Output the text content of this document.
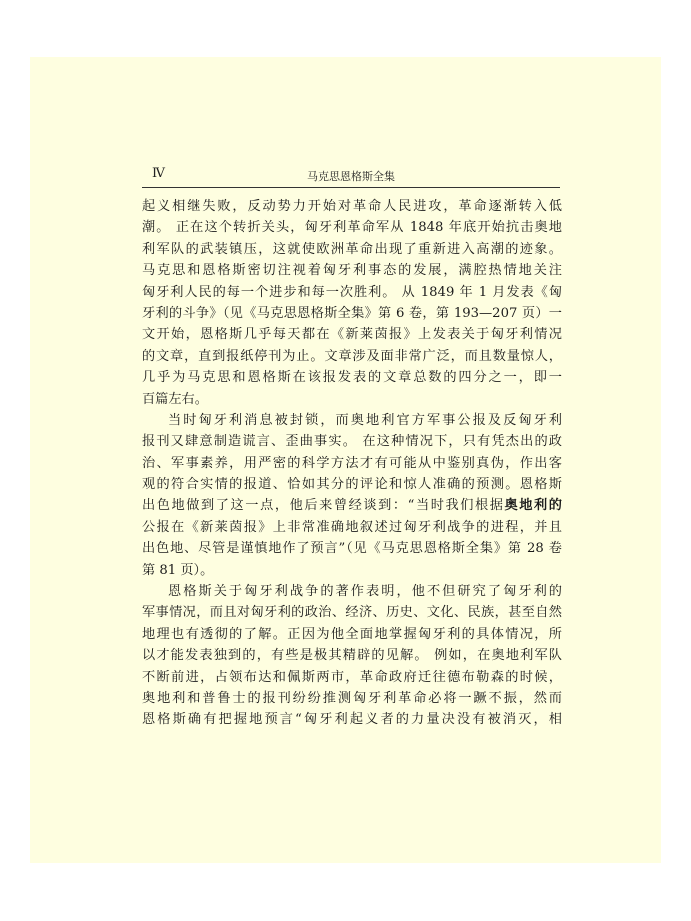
Ⅳ	马克思恩格斯全集
起义相继失败，反动势力开始对革命人民进攻，革命逐渐转入低
潮。 正在这个转折关头，匈牙利革命军从 1848 年底开始抗击奥地
利军队的武装镇压，这就使欧洲革命出现了重新进入高潮的迹象。
马克思和恩格斯密切注视着匈牙利事态的发展，满腔热情地关注
匈牙利人民的每一个进步和每一次胜利。 从 1849 年 1 月发表《匈
牙利的斗争》（见《马克思恩格斯全集》第 6 卷，第 193—207 页）一
文开始，恩格斯几乎每天都在《新莱茵报》上发表关于匈牙利情况
的文章，直到报纸停刊为止。文章涉及面非常广泛，而且数量惊人，
几乎为马克思和恩格斯在该报发表的文章总数的四分之一，即一
百篇左右。
当时匈牙利消息被封锁，而奥地利官方军事公报及反匈牙利
报刊又肆意制造谎言、歪曲事实。 在这种情况下，只有凭杰出的政
治、军事素养，用严密的科学方法才有可能从中鉴别真伪，作出客
观的符合实情的报道、恰如其分的评论和惊人准确的预测。恩格斯
出色地做到了这一点，他后来曾经谈到：“当时我们根据奥地利的
公报在《新莱茵报》上非常准确地叙述过匈牙利战争的进程，并且
出色地、尽管是谨慎地作了预言”（见《马克思恩格斯全集》第 28 卷
第 81 页）。
恩格斯关于匈牙利战争的著作表明，他不但研究了匈牙利的
军事情况，而且对匈牙利的政治、经济、历史、文化、民族，甚至自然
地理也有透彻的了解。正因为他全面地掌握匈牙利的具体情况，所
以才能发表独到的，有些是极其精辟的见解。 例如，在奥地利军队
不断前进，占领布达和佩斯两市，革命政府迁往德布勒森的时候，
奥地利和普鲁士的报刊纷纷推测匈牙利革命必将一蹶不振，然而
恩格斯确有把握地预言“匈牙利起义者的力量决没有被消灭，相
